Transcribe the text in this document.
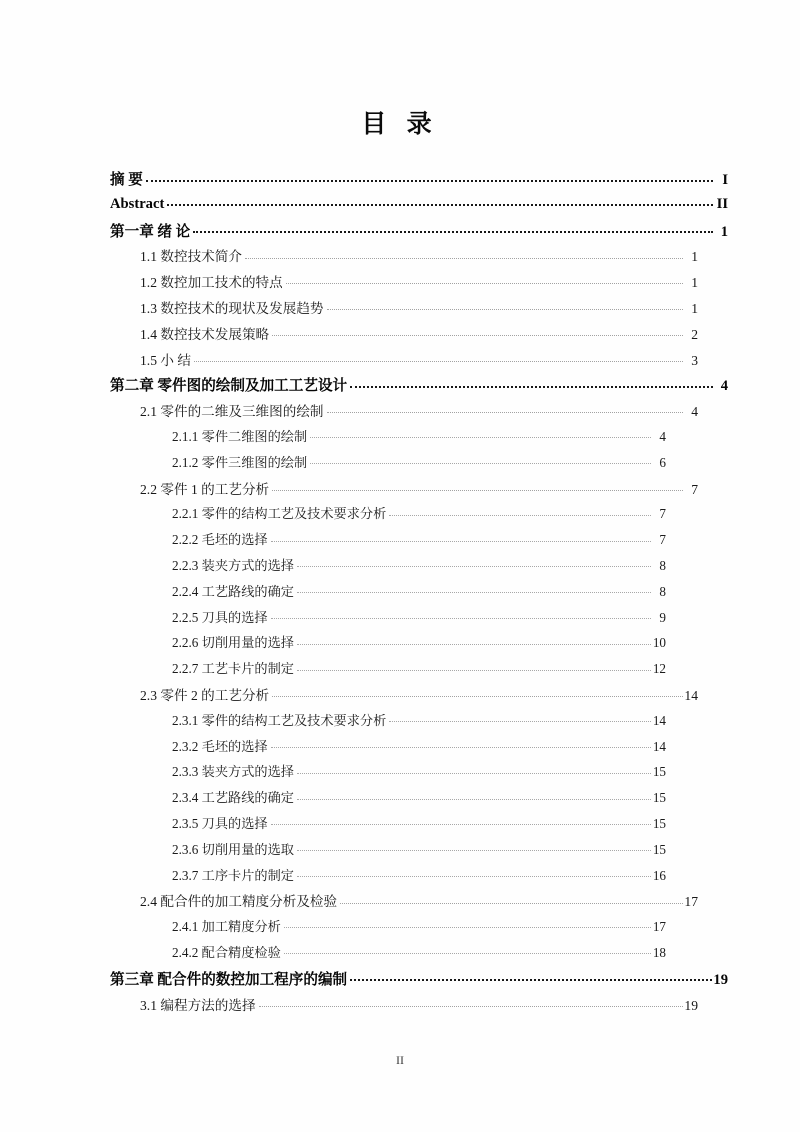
目 录
摘 要	I
Abstract	II
第一章 绪 论	1
1.1 数控技术简介	1
1.2 数控加工技术的特点	1
1.3 数控技术的现状及发展趋势	1
1.4 数控技术发展策略	2
1.5 小 结	3
第二章 零件图的绘制及加工工艺设计	4
2.1 零件的二维及三维图的绘制	4
2.1.1 零件二维图的绘制	4
2.1.2 零件三维图的绘制	6
2.2 零件 1 的工艺分析	7
2.2.1 零件的结构工艺及技术要求分析	7
2.2.2 毛坯的选择	7
2.2.3 装夹方式的选择	8
2.2.4 工艺路线的确定	8
2.2.5 刀具的选择	9
2.2.6 切削用量的选择	10
2.2.7 工艺卡片的制定	12
2.3 零件 2 的工艺分析	14
2.3.1 零件的结构工艺及技术要求分析	14
2.3.2 毛坯的选择	14
2.3.3 装夹方式的选择	15
2.3.4 工艺路线的确定	15
2.3.5 刀具的选择	15
2.3.6 切削用量的选取	15
2.3.7 工序卡片的制定	16
2.4 配合件的加工精度分析及检验	17
2.4.1 加工精度分析	17
2.4.2 配合精度检验	18
第三章 配合件的数控加工程序的编制	19
3.1 编程方法的选择	19
II
